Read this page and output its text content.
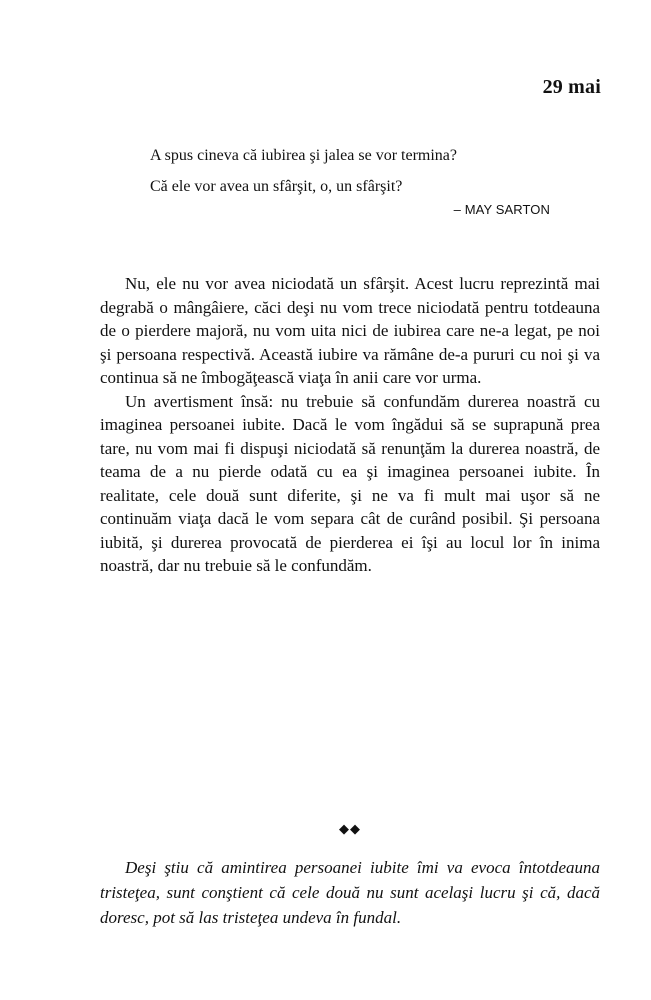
29 mai

A spus cineva că iubirea şi jalea se vor termina?

Că ele vor avea un sfârşit, o, un sfârşit?

– MAY SARTON

Nu, ele nu vor avea niciodată un sfârşit. Acest lucru reprezintă mai degrabă o mângâiere, căci deşi nu vom trece niciodată pentru totdeauna de o pierdere majoră, nu vom uita nici de iubirea care ne-a legat, pe noi şi persoana respectivă. Această iubire va rămâne de-a pururi cu noi şi va continua să ne îmbogăţească viaţa în anii care vor urma.

Un avertisment însă: nu trebuie să confundăm durerea noastră cu imaginea persoanei iubite. Dacă le vom îngădui să se suprapună prea tare, nu vom mai fi dispuşi niciodată să renunţăm la durerea noastră, de teama de a nu pierde odată cu ea şi imaginea persoanei iubite. În realitate, cele două sunt diferite, şi ne va fi mult mai uşor să ne continuăm viaţa dacă le vom separa cât de curând posibil. Şi persoana iubită, şi durerea provocată de pierderea ei îşi au locul lor în inima noastră, dar nu trebuie să le confundăm.

◆◆

Deşi ştiu că amintirea persoanei iubite îmi va evoca întotdeauna tristeţea, sunt conştient că cele două nu sunt acelaşi lucru şi că, dacă doresc, pot să las tristeţea undeva în fundal.
